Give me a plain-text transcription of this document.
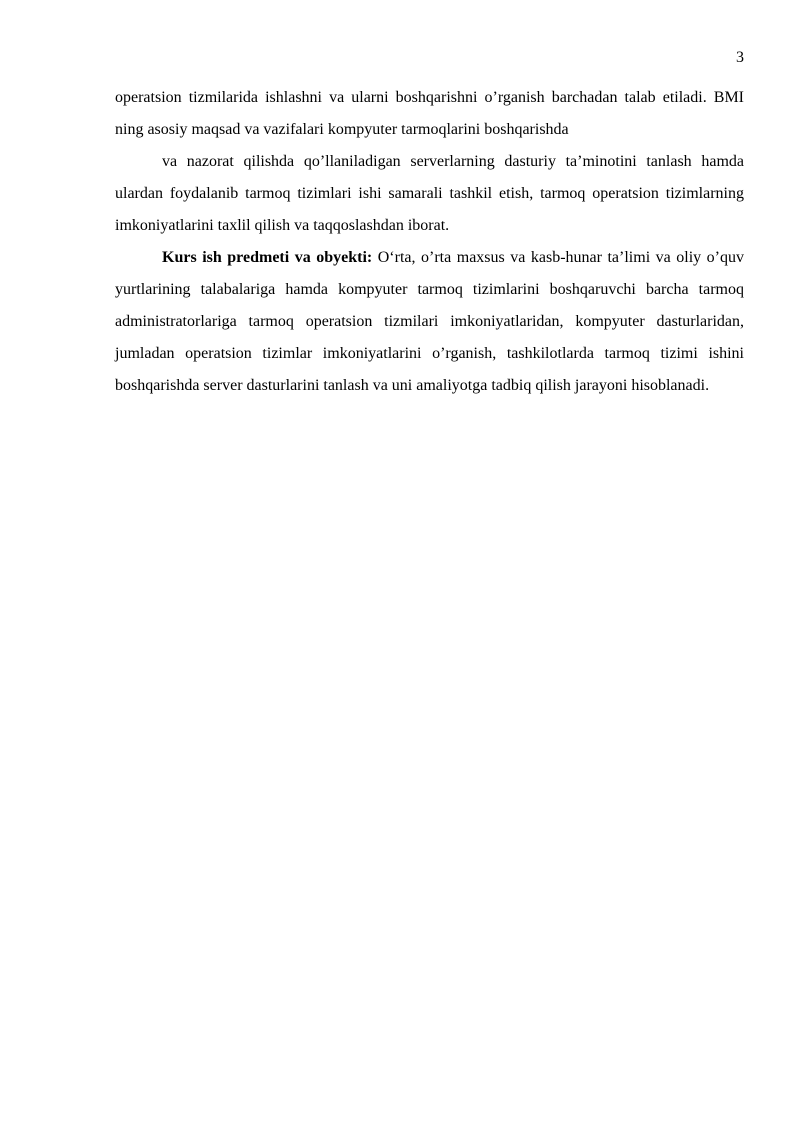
3

operatsion tizmilarida ishlashni va ularni boshqarishni o’rganish barchadan talab etiladi. BMI ning asosiy maqsad va vazifalari kompyuter tarmoqlarini boshqarishda

va nazorat qilishda qo’llaniladigan serverlarning dasturiy ta’minotini tanlash hamda ulardan foydalanib tarmoq tizimlari ishi samarali tashkil etish, tarmoq operatsion tizimlarning imkoniyatlarini taxlil qilish va taqqoslashdan iborat.

Kurs ish predmeti va obyekti: O‘rta, o’rta maxsus va kasb-hunar ta’limi va oliy o’quv yurtlarining talabalariga hamda kompyuter tarmoq tizimlarini boshqaruvchi barcha tarmoq administratorlariga tarmoq operatsion tizmilari imkoniyatlaridan, kompyuter dasturlaridan, jumladan operatsion tizimlar imkoniyatlarini o’rganish, tashkilotlarda tarmoq tizimi ishini boshqarishda server dasturlarini tanlash va uni amaliyotga tadbiq qilish jarayoni hisoblanadi.
